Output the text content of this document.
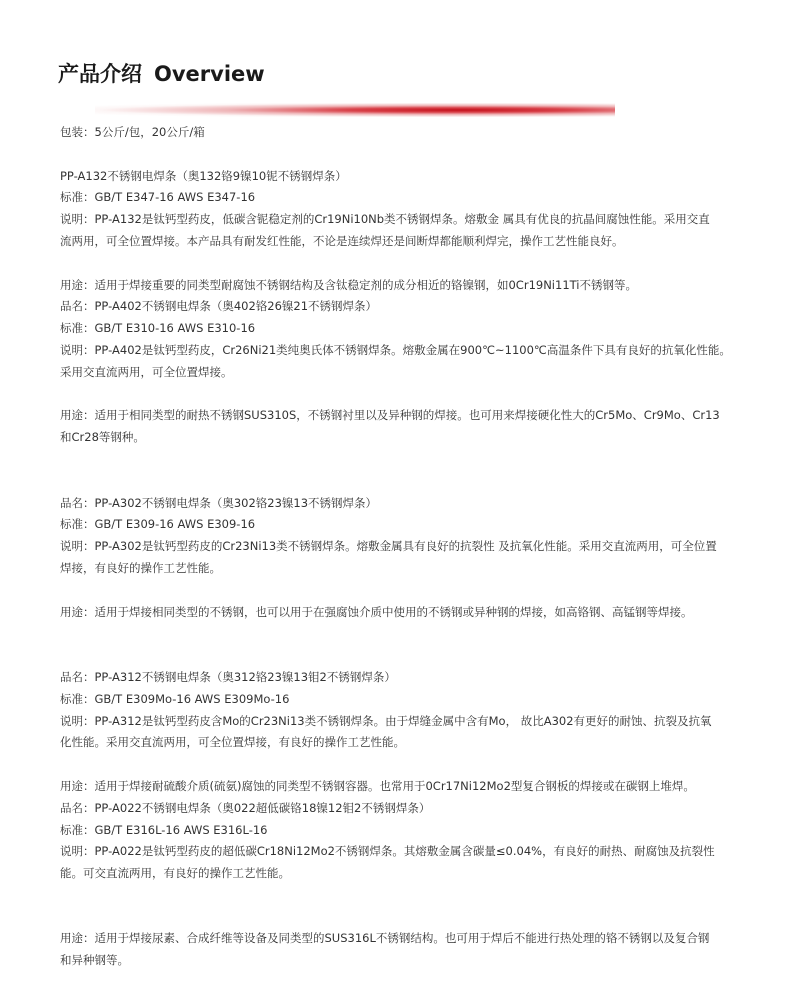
产品介绍 Overview

包装：5公斤/包，20公斤/箱

PP-A132不锈钢电焊条（奥132铬9镍10铌不锈钢焊条）

标准：GB/T E347-16 AWS E347-16

说明：PP-A132是钛钙型药皮，低碳含铌稳定剂的Cr19Ni10Nb类不锈钢焊条。熔敷金 属具有优良的抗晶间腐蚀性能。采用交直

流两用，可全位置焊接。本产品具有耐发红性能，不论是连续焊还是间断焊都能顺利焊完，操作工艺性能良好。

用途：适用于焊接重要的同类型耐腐蚀不锈钢结构及含钛稳定剂的成分相近的铬镍钢，如0Cr19Ni11Ti不锈钢等。

品名：PP-A402不锈钢电焊条（奥402铬26镍21不锈钢焊条）

标准：GB/T E310-16 AWS E310-16

说明：PP-A402是钛钙型药皮，Cr26Ni21类纯奥氏体不锈钢焊条。熔敷金属在900℃~1100℃高温条件下具有良好的抗氧化性能。

采用交直流两用，可全位置焊接。

用途：适用于相同类型的耐热不锈钢SUS310S，不锈钢衬里以及异种钢的焊接。也可用来焊接硬化性大的Cr5Mo、Cr9Mo、Cr13

和Cr28等钢种。

品名：PP-A302不锈钢电焊条（奥302铬23镍13不锈钢焊条）

标准：GB/T E309-16 AWS E309-16

说明：PP-A302是钛钙型药皮的Cr23Ni13类不锈钢焊条。熔敷金属具有良好的抗裂性 及抗氧化性能。采用交直流两用，可全位置

焊接，有良好的操作工艺性能。

用途：适用于焊接相同类型的不锈钢，也可以用于在强腐蚀介质中使用的不锈钢或异种钢的焊接，如高铬钢、高锰钢等焊接。

品名：PP-A312不锈钢电焊条（奥312铬23镍13钼2不锈钢焊条）

标准：GB/T E309Mo-16 AWS E309Mo-16

说明：PP-A312是钛钙型药皮含Mo的Cr23Ni13类不锈钢焊条。由于焊缝金属中含有Mo， 故比A302有更好的耐蚀、抗裂及抗氧

化性能。采用交直流两用，可全位置焊接，有良好的操作工艺性能。

用途：适用于焊接耐硫酸介质(硫氨)腐蚀的同类型不锈钢容器。也常用于0Cr17Ni12Mo2型复合钢板的焊接或在碳钢上堆焊。

品名：PP-A022不锈钢电焊条（奥022超低碳铬18镍12钼2不锈钢焊条）

标准：GB/T E316L-16 AWS E316L-16

说明：PP-A022是钛钙型药皮的超低碳Cr18Ni12Mo2不锈钢焊条。其熔敷金属含碳量≤0.04%，有良好的耐热、耐腐蚀及抗裂性

能。可交直流两用，有良好的操作工艺性能。

用途：适用于焊接尿素、合成纤维等设备及同类型的SUS316L不锈钢结构。也可用于焊后不能进行热处理的铬不锈钢以及复合钢

和异种钢等。
